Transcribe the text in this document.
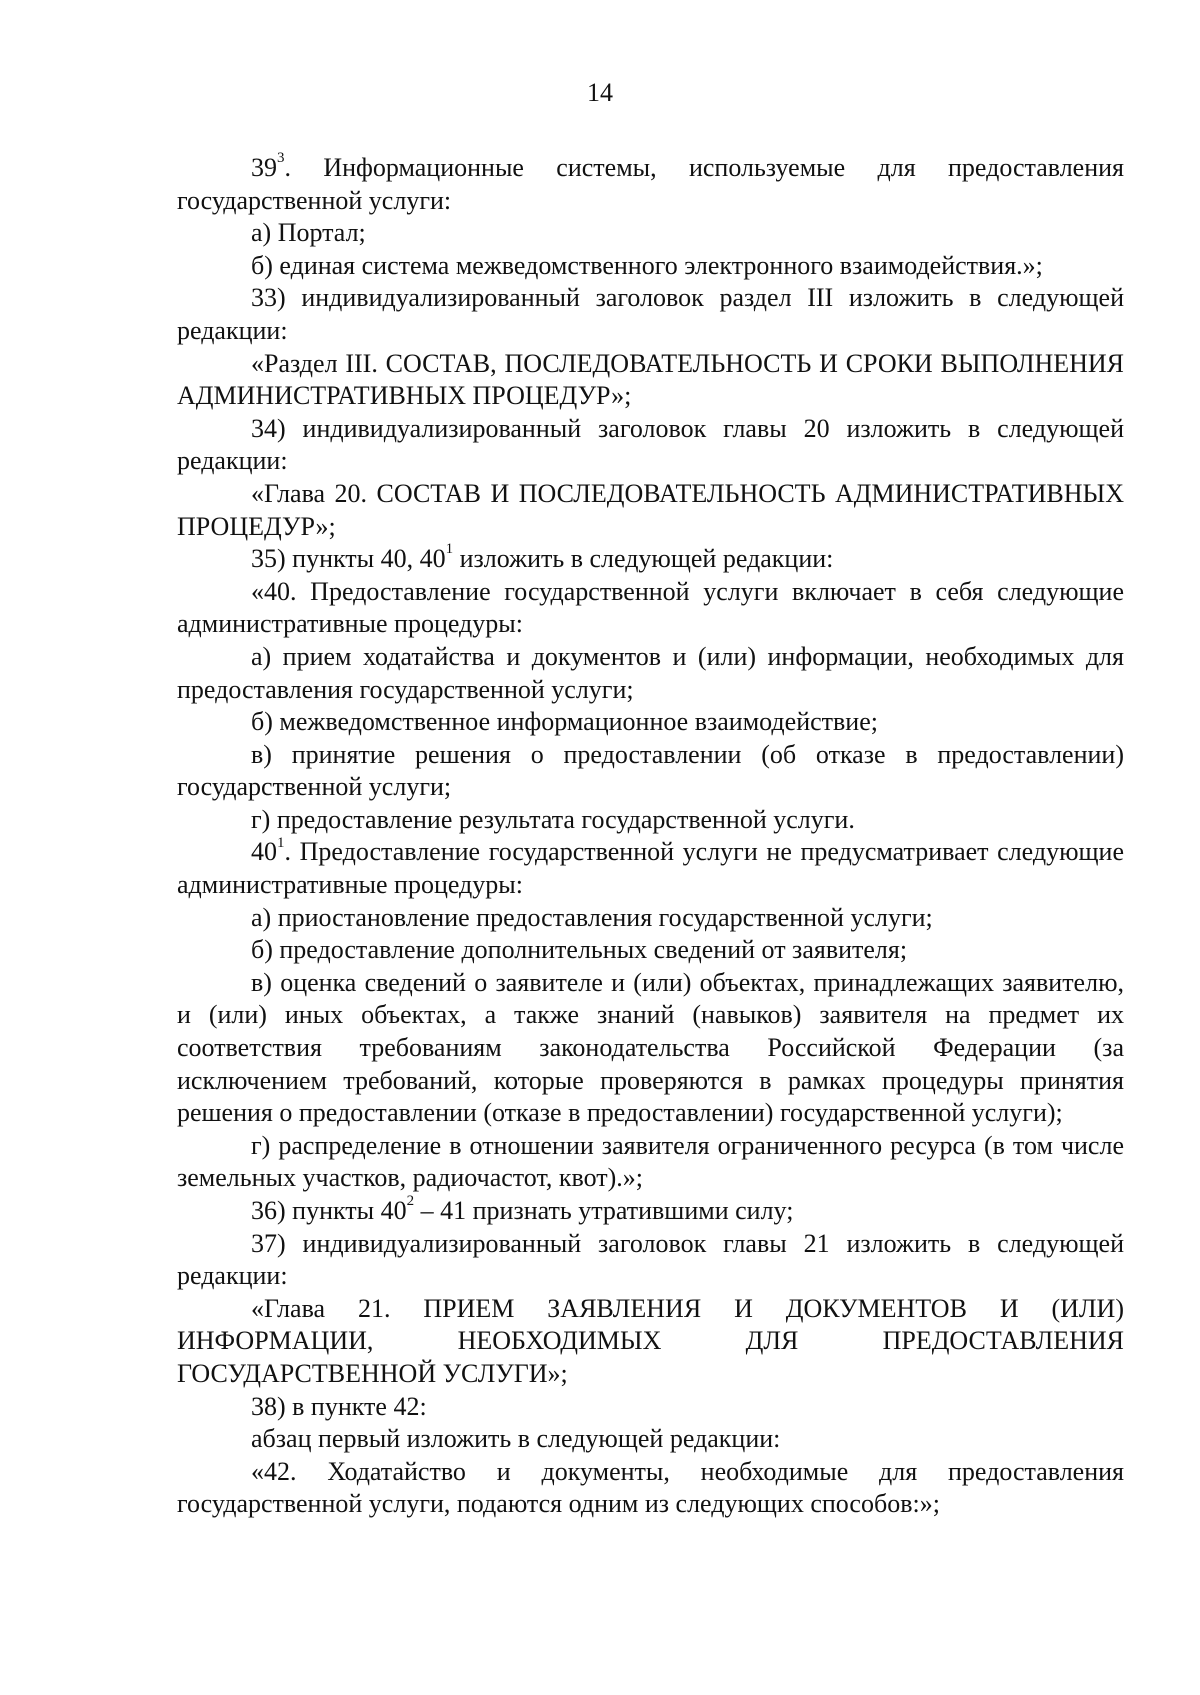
14

$39^3$. Информационные системы, используемые для предоставления государственной услуги:

а) Портал;

б) единая система межведомственного электронного взаимодействия.»;

33) индивидуализированный заголовок раздел III изложить в следующей редакции:

«Раздел III. СОСТАВ, ПОСЛЕДОВАТЕЛЬНОСТЬ И СРОКИ ВЫПОЛНЕНИЯ АДМИНИСТРАТИВНЫХ ПРОЦЕДУР»;

34) индивидуализированный заголовок главы 20 изложить в следующей редакции:

«Глава 20. СОСТАВ И ПОСЛЕДОВАТЕЛЬНОСТЬ АДМИНИСТРАТИВНЫХ ПРОЦЕДУР»;

35) пункты 40, $40^1$ изложить в следующей редакции:

«40. Предоставление государственной услуги включает в себя следующие административные процедуры:

а) прием ходатайства и документов и (или) информации, необходимых для предоставления государственной услуги;

б) межведомственное информационное взаимодействие;

в) принятие решения о предоставлении (об отказе в предоставлении) государственной услуги;

г) предоставление результата государственной услуги.

$40^1$. Предоставление государственной услуги не предусматривает следующие административные процедуры:

а) приостановление предоставления государственной услуги;

б) предоставление дополнительных сведений от заявителя;

в) оценка сведений о заявителе и (или) объектах, принадлежащих заявителю, и (или) иных объектах, а также знаний (навыков) заявителя на предмет их соответствия требованиям законодательства Российской Федерации (за исключением требований, которые проверяются в рамках процедуры принятия решения о предоставлении (отказе в предоставлении) государственной услуги);

г) распределение в отношении заявителя ограниченного ресурса (в том числе земельных участков, радиочастот, квот).»;

36) пункты $40^2 - 41$ признать утратившими силу;

37) индивидуализированный заголовок главы 21 изложить в следующей редакции:

«Глава 21. ПРИЕМ ЗАЯВЛЕНИЯ И ДОКУМЕНТОВ И (ИЛИ) ИНФОРМАЦИИ, НЕОБХОДИМЫХ ДЛЯ ПРЕДОСТАВЛЕНИЯ ГОСУДАРСТВЕННОЙ УСЛУГИ»;

38) в пункте 42:

абзац первый изложить в следующей редакции:

«42. Ходатайство и документы, необходимые для предоставления государственной услуги, подаются одним из следующих способов:»;
